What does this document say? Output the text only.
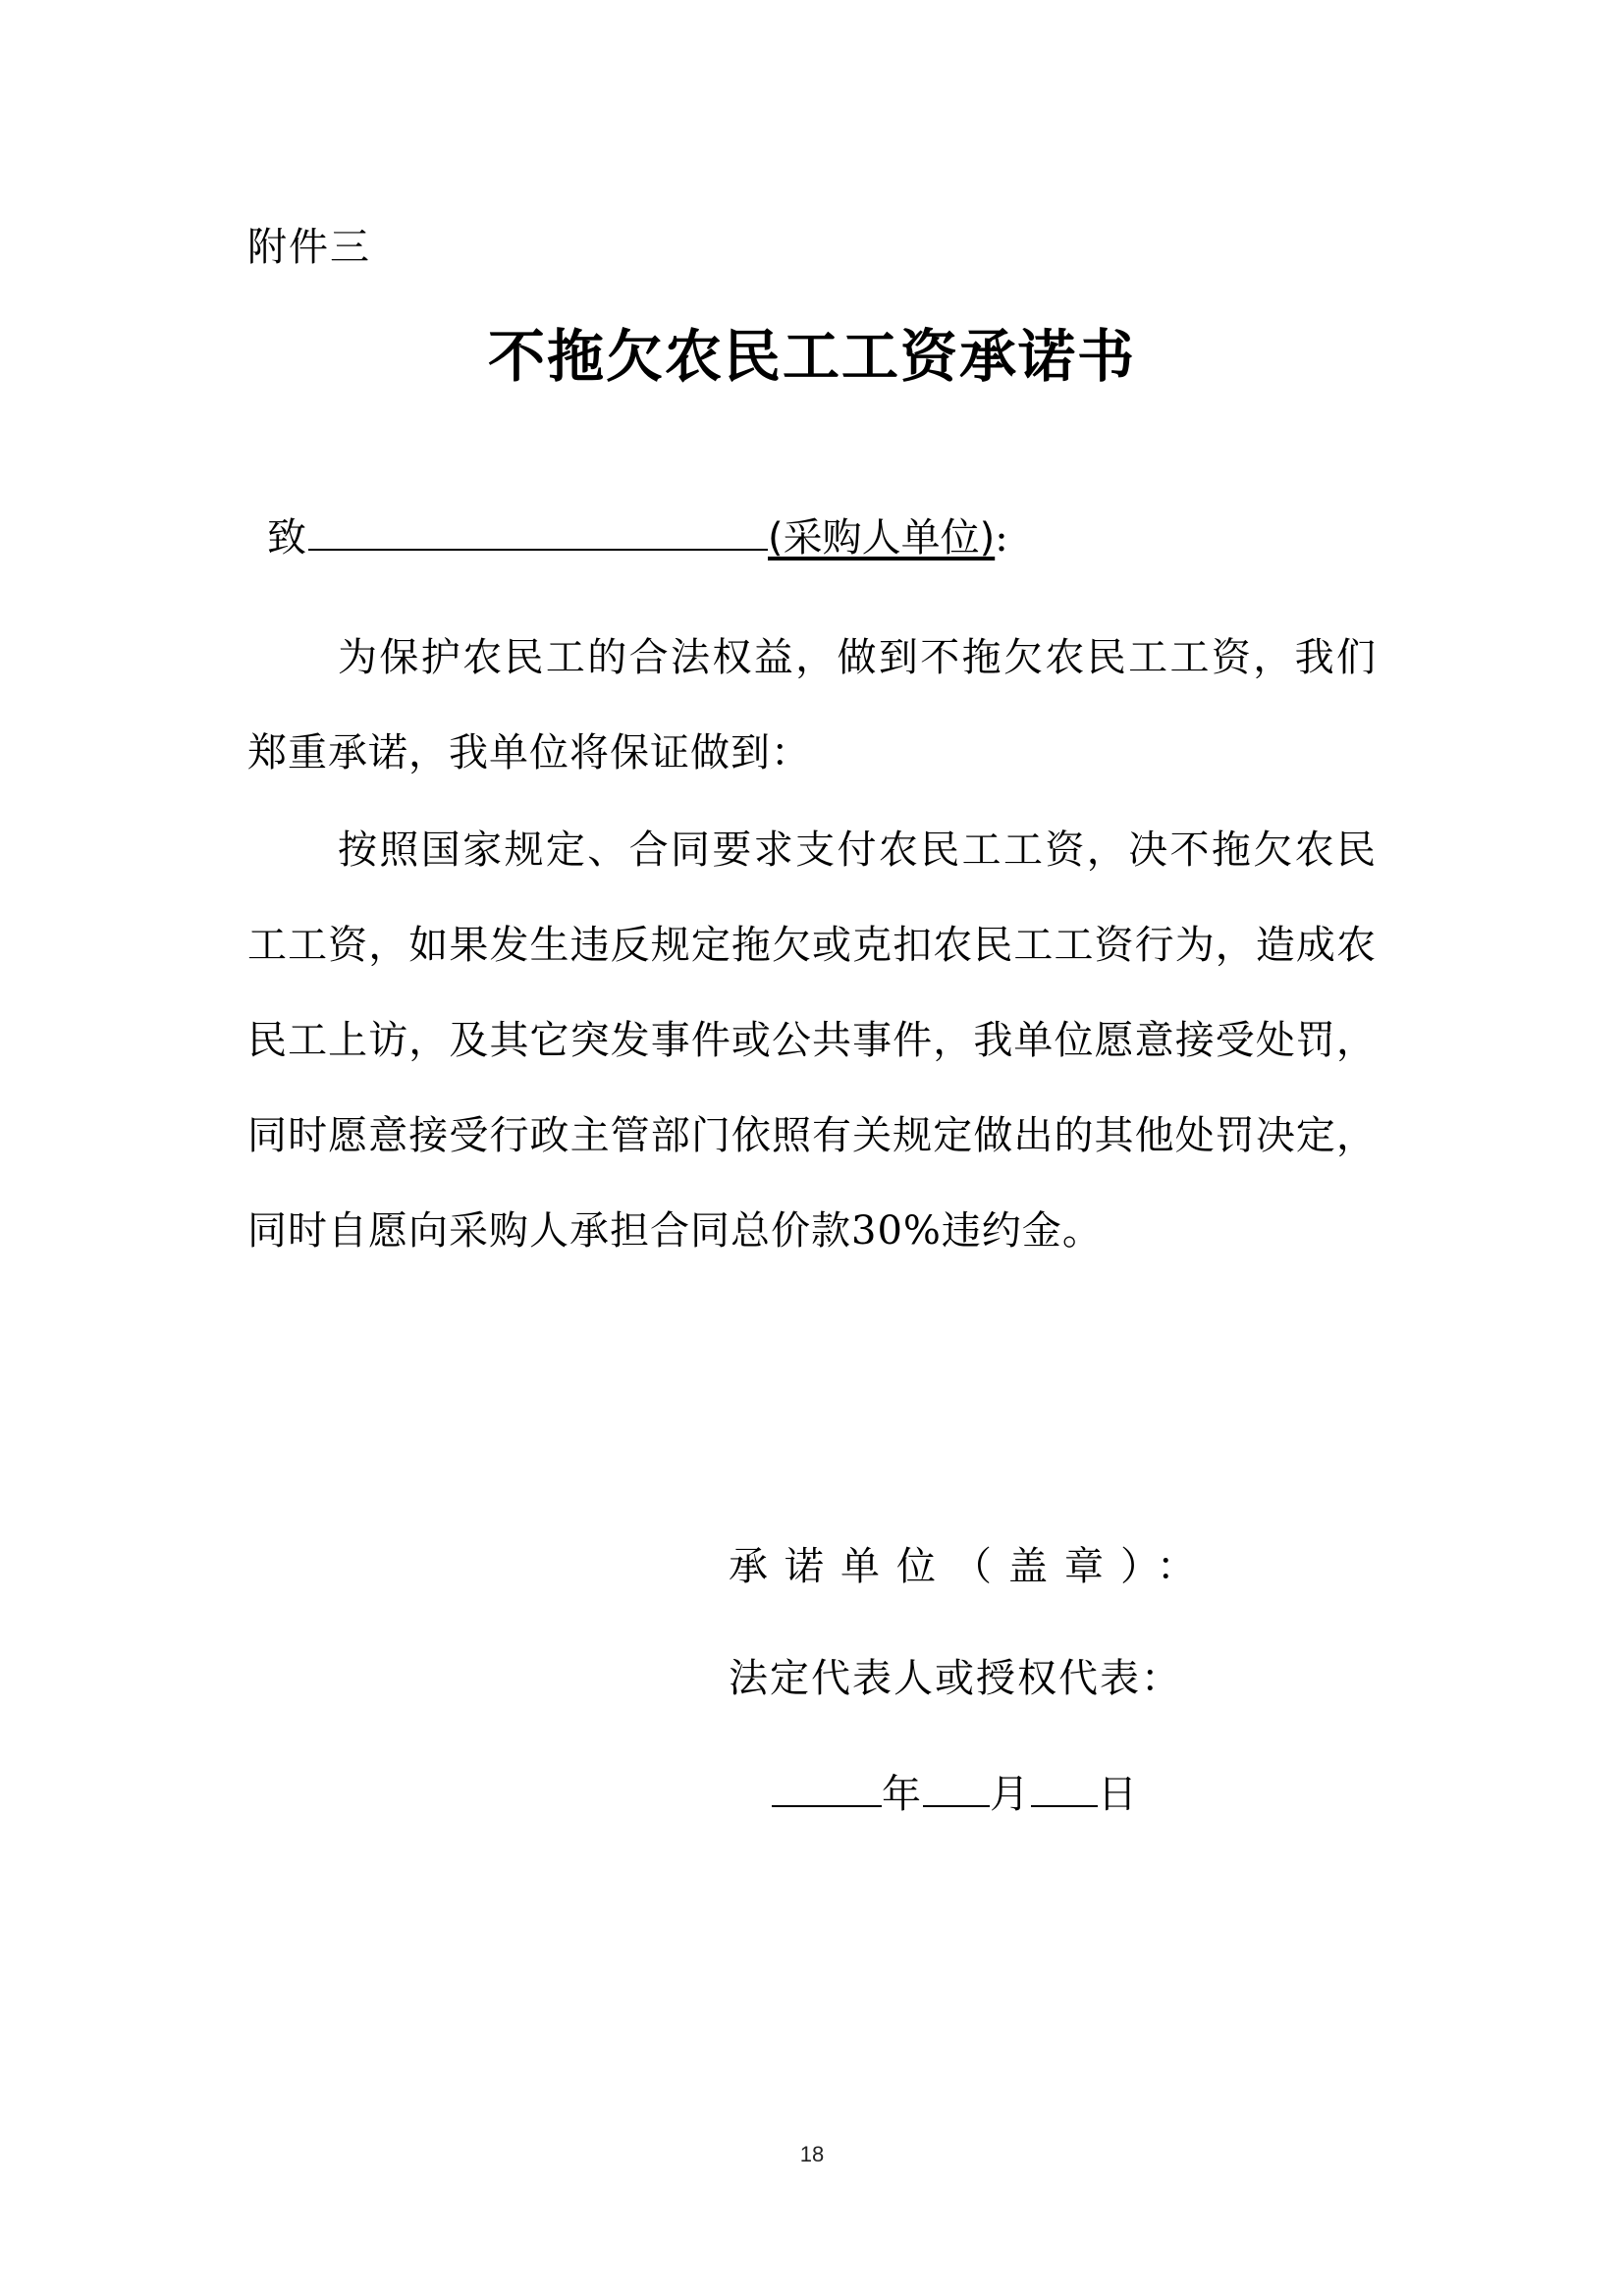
附件三
不拖欠农民工工资承诺书
致	(采购人单位):

为保护农民工的合法权益，做到不拖欠农民工工资，我们郑重承诺，我单位将保证做到：

按照国家规定、合同要求支付农民工工资，决不拖欠农民工工资，如果发生违反规定拖欠或克扣农民工工资行为，造成农民工上访，及其它突发事件或公共事件，我单位愿意接受处罚，同时愿意接受行政主管部门依照有关规定做出的其他处罚决定，同时自愿向采购人承担合同总价款30%违约金。

承诺单位（盖章）：
法定代表人或授权代表：
年 月 日
18
